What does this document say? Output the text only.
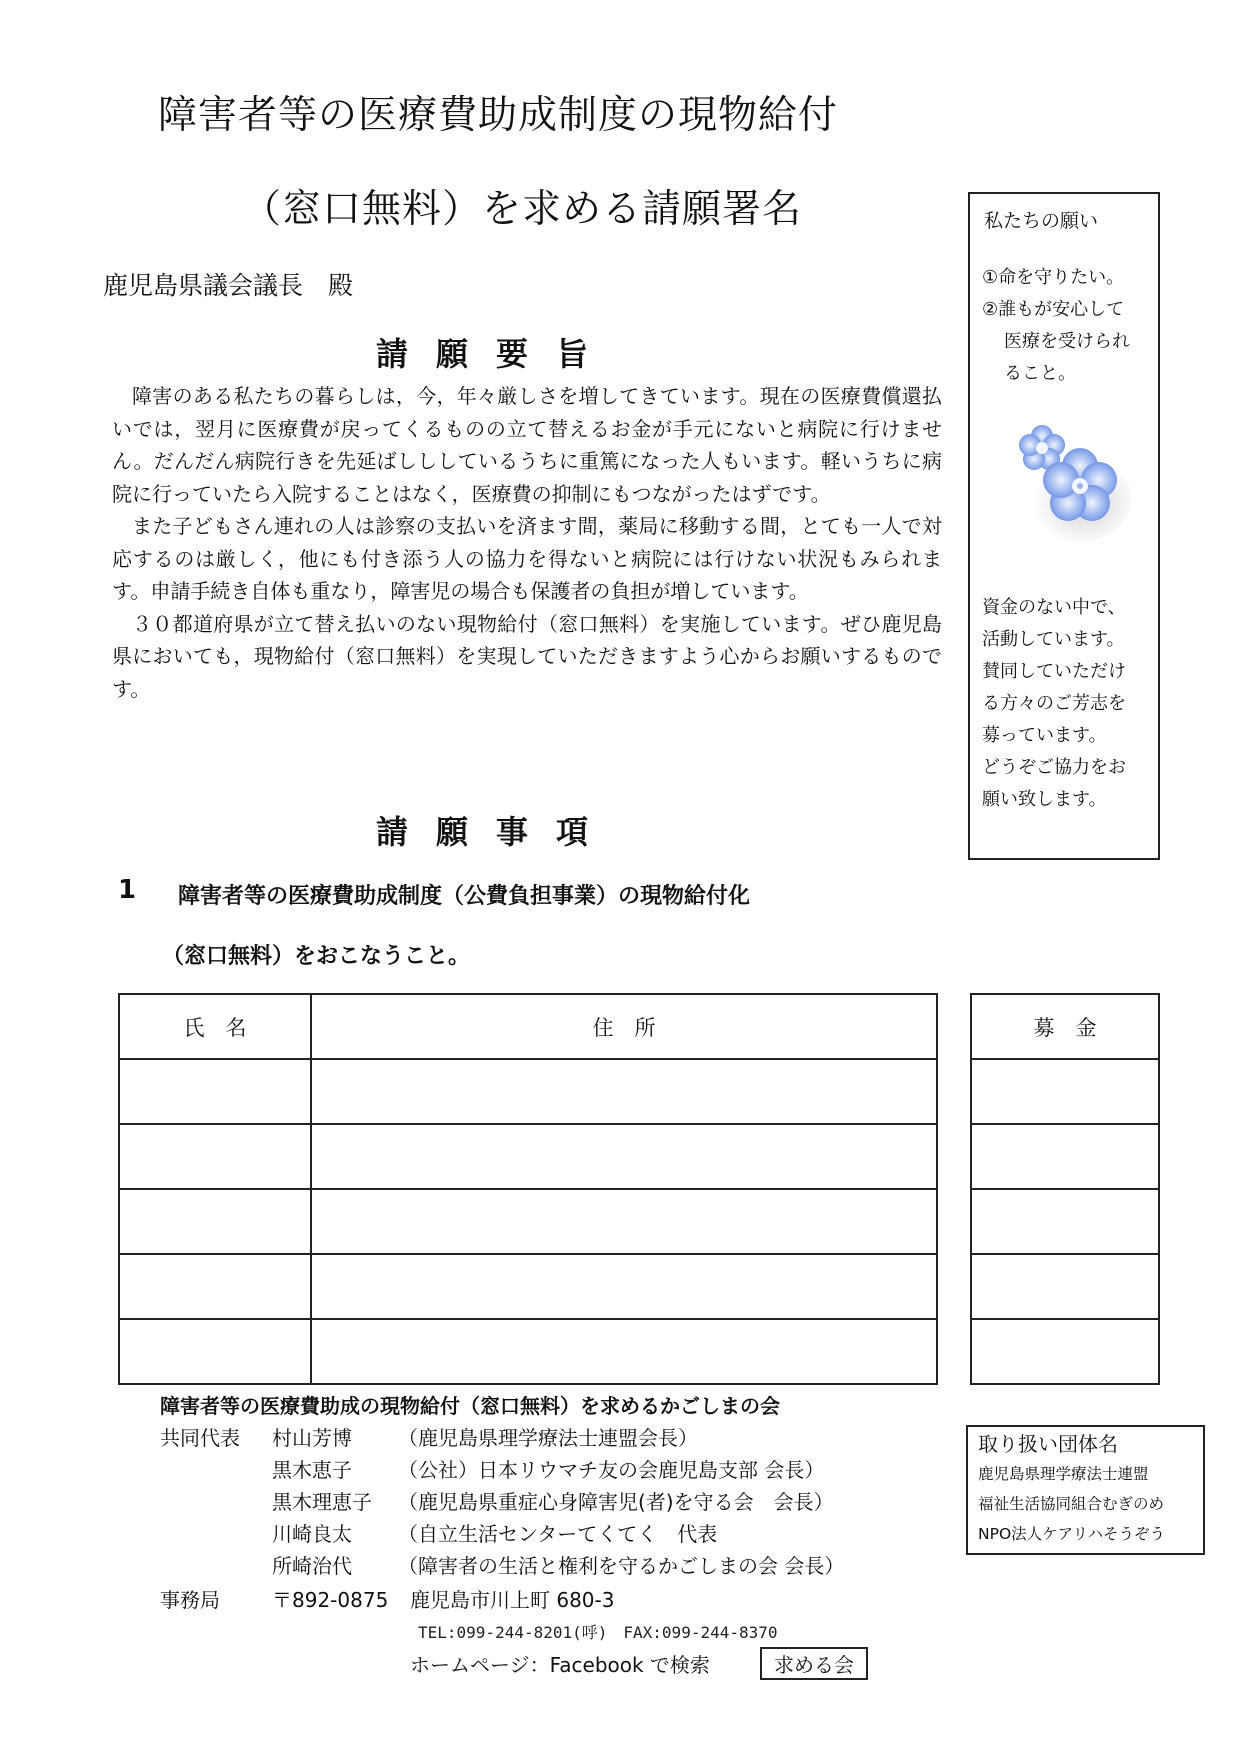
障害者等の医療費助成制度の現物給付
（窓口無料）を求める請願署名
鹿児島県議会議長　殿
請願要旨

障害のある私たちの暮らしは，今，年々厳しさを増してきています。現在の医療費償還払いでは，翌月に医療費が戻ってくるものの立て替えるお金が手元にないと病院に行けません。だんだん病院行きを先延ばしししているうちに重篤になった人もいます。軽いうちに病院に行っていたら入院することはなく，医療費の抑制にもつながったはずです。

また子どもさん連れの人は診察の支払いを済ます間，薬局に移動する間，とても一人で対応するのは厳しく，他にも付き添う人の協力を得ないと病院には行けない状況もみられます。申請手続き自体も重なり，障害児の場合も保護者の負担が増しています。

３０都道府県が立て替え払いのない現物給付（窓口無料）を実施しています。ぜひ鹿児島県においても，現物給付（窓口無料）を実現していただきますよう心からお願いするものです。

請願事項
1 障害者等の医療費助成制度（公費負担事業）の現物給付化
（窓口無料）をおこなうこと。
私たちの願い
①命を守りたい。
②誰もが安心して
医療を受けられ
ること。
資金のない中で、
活動しています。
賛同していただけ
る方々のご芳志を
募っています。
どうぞご協力をお
願い致します。
氏　名	住　所

		募　金

障害者等の医療費助成の現物給付（窓口無料）を求めるかごしまの会
共同代表 村山芳博 （鹿児島県理学療法士連盟会長）
黒木恵子 （公社）日本リウマチ友の会鹿児島支部 会長）
黒木理恵子 （鹿児島県重症心身障害児(者)を守る会　会長）
川崎良太 （自立生活センターてくてく　代表
所崎治代 （障害者の生活と権利を守るかごしまの会 会長）
事務局	〒892-0875 鹿児島市川上町 680-3
TEL:099-244-8201(呼)　FAX:099-244-8370
ホームページ：Facebook で検索	求める会
取り扱い団体名
鹿児島県理学療法士連盟
福祉生活協同組合むぎのめ
NPO法人ケアリハそうぞう
